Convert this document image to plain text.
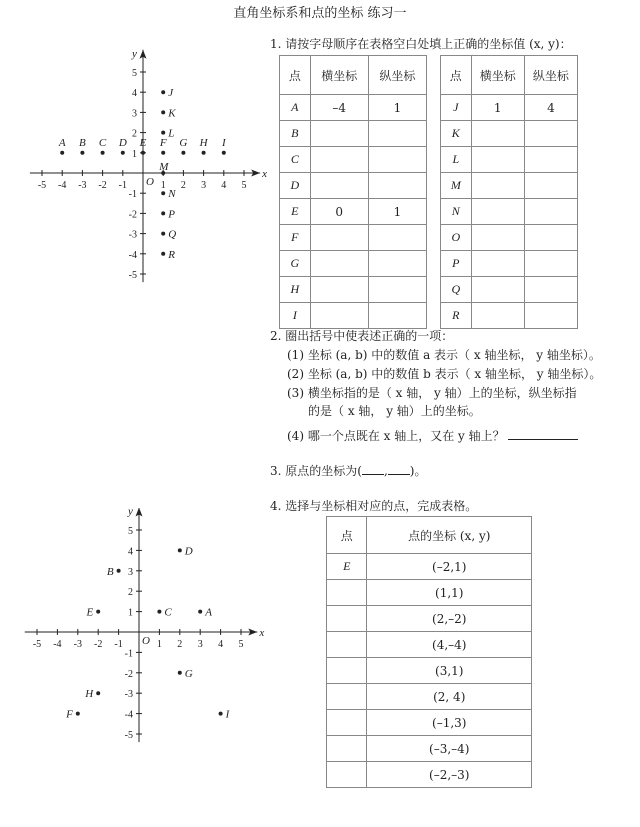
直角坐标系和点的坐标 练习一
x
y
O
-5 -4 -3 -2 -1	1 2 3 4 5
-5
-4
-3
-2
-1
1
2
3
4
5
A B C D E F G H I
J
K
L
M
N
P
Q
R
x
y
O
-5 -4 -3 -2 -1	1 2 3 4 5
-5
-4
-3
-2
-1
1
2
3
4
5
A
B
C
D
E
F
G
H
I
1. 请按字母顺序在表格空白处填上正确的坐标值 (x, y)：
点	横坐标	纵坐标
A	–4	1
B		
C		
D		
E	0	1
F		
G		
H		
I		
点	横坐标	纵坐标
J	1	4
K		
L		
M		
N		
O		
P		
Q		
R		
2. 圈出括号中使表述正确的一项：
(1) 坐标 (a, b) 中的数值 a 表示（ x 轴坐标， y 轴坐标）。
(2) 坐标 (a, b) 中的数值 b 表示（ x 轴坐标， y 轴坐标）。
(3) 横坐标指的是（ x 轴， y 轴）上的坐标，纵坐标指
的是（ x 轴， y 轴）上的坐标。
(4) 哪一个点既在 x 轴上，又在 y 轴上？
3. 原点的坐标为( , )。
4. 选择与坐标相对应的点，完成表格。
点	点的坐标 (x, y)
E	(–2,1)
	(1,1)
	(2,–2)
	(4,–4)
	(3,1)
	(2, 4)
	(–1,3)
	(–3,–4)
	(–2,–3)
